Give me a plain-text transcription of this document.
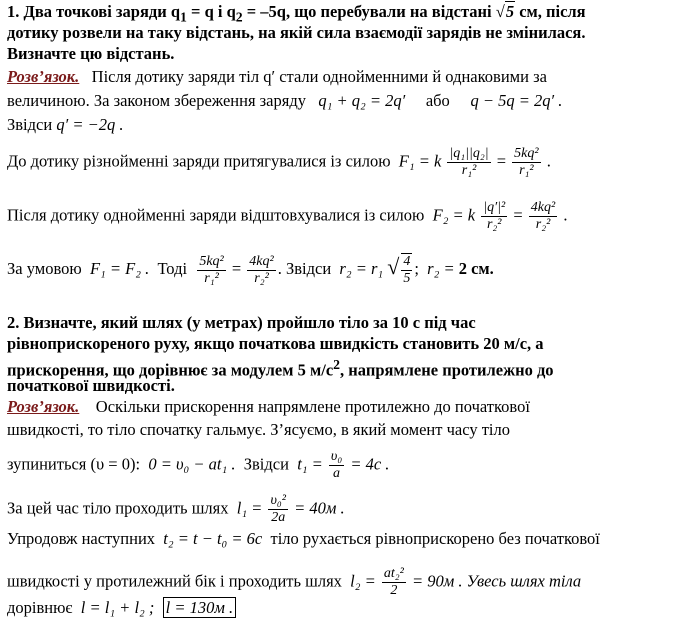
1. Два точкові заряди $q_1 = q$ і $q_2 = -5q$, що перебували на відстані √5 см, після
дотику розвели на таку відстань, на якій сила взаємодії зарядів не змінилася.
Визначте цю відстань.
Розв’язок. Після дотику заряди тіл q′ стали однойменними й однаковими за
величиною. За законом збереження заряду q₁ + q₂ = 2q′ або q − 5q = 2q′ .
Звідси q′ = −2q .
До дотику різнойменні заряди притягувалися із силою F₁ = k $\frac{\text{|q₁||q₂|}}{\text{r₁²}} = \frac{\text{5kq²}}{\text{r₁²}}$ .
Після дотику однойменні заряди відштовхувалися із силою F₂ = k $\frac{\text{|q′|²}}{\text{r₂²}} = \frac{\text{4kq²}}{\text{r₂²}}$ .
За умовою F₁ = F₂ . Тоді $\frac{\text{5kq²}}{\text{r₁²}} = \frac{\text{4kq²}}{\text{r₂²}}$ . Звідси r₂ = r₁ √ $\frac{4}{5}$ ;  r₂ = 2 см.
2. Визначте, який шлях (у метрах) пройшло тіло за 10 с під час
рівноприскореного руху, якщо початкова швидкість становить 20 м/с, а
прискорення, що дорівнює за модулем 5 $м/с^2$, напрямлене протилежно до
початкової швидкості.
Розв’язок. Оскільки прискорення напрямлене протилежно до початкової
швидкості, то тіло спочатку гальмує. З’ясуємо, в який момент часу тіло
зупиниться (υ = 0): 0 = υ₀ − at₁ . Звідси $t_1 = \frac{\text{υ₀}}{a} = 4c$ .
За цей час тіло проходить шлях $l_1 = \frac{\text{υ₀²}}{2a} = 40м$ .
Упродовж наступних t₂ = t − t₀ = 6c тіло рухається рівноприскорено без початкової
швидкості у протилежний бік і проходить шлях $l_2 = \frac{\text{at₂²}}{2} = 90м$ . Увесь шлях тіла
дорівнює l = l₁ + l₂ ; l = 130м .
